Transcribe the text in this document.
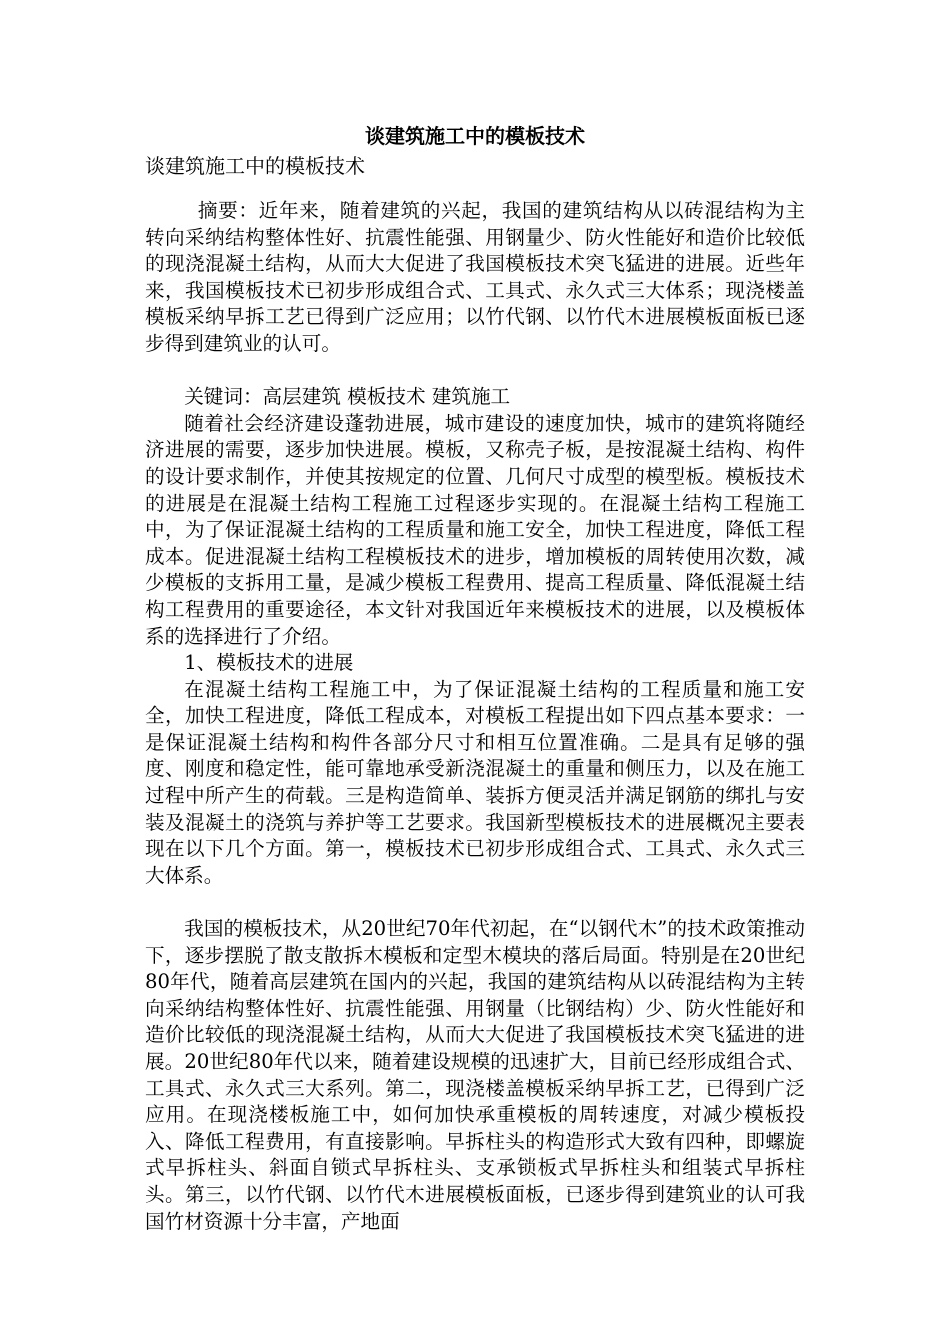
谈建筑施工中的模板技术
谈建筑施工中的模板技术

摘要：近年来，随着建筑的兴起，我国的建筑结构从以砖混结构为主转向采纳结构整体性好、抗震性能强、用钢量少、防火性能好和造价比较低的现浇混凝土结构，从而大大促进了我国模板技术突飞猛进的进展。近些年来，我国模板技术已初步形成组合式、工具式、永久式三大体系；现浇楼盖模板采纳早拆工艺已得到广泛应用；以竹代钢、以竹代木进展模板面板已逐步得到建筑业的认可。

关键词：高层建筑 模板技术 建筑施工

随着社会经济建设蓬勃进展，城市建设的速度加快，城市的建筑将随经济进展的需要，逐步加快进展。模板，又称壳子板，是按混凝土结构、构件的设计要求制作，并使其按规定的位置、几何尺寸成型的模型板。模板技术的进展是在混凝土结构工程施工过程逐步实现的。在混凝土结构工程施工中，为了保证混凝土结构的工程质量和施工安全，加快工程进度，降低工程成本。促进混凝土结构工程模板技术的进步，增加模板的周转使用次数，减少模板的支拆用工量，是减少模板工程费用、提高工程质量、降低混凝土结构工程费用的重要途径，本文针对我国近年来模板技术的进展，以及模板体系的选择进行了介绍。

1、模板技术的进展

在混凝土结构工程施工中，为了保证混凝土结构的工程质量和施工安全，加快工程进度，降低工程成本，对模板工程提出如下四点基本要求：一是保证混凝土结构和构件各部分尺寸和相互位置准确。二是具有足够的强度、刚度和稳定性，能可靠地承受新浇混凝土的重量和侧压力，以及在施工过程中所产生的荷载。三是构造简单、装拆方便灵活并满足钢筋的绑扎与安装及混凝土的浇筑与养护等工艺要求。我国新型模板技术的进展概况主要表现在以下几个方面。第一，模板技术已初步形成组合式、工具式、永久式三大体系。

我国的模板技术，从20世纪70年代初起，在“以钢代木”的技术政策推动下，逐步摆脱了散支散拆木模板和定型木模块的落后局面。特别是在20世纪80年代，随着高层建筑在国内的兴起，我国的建筑结构从以砖混结构为主转向采纳结构整体性好、抗震性能强、用钢量（比钢结构）少、防火性能好和造价比较低的现浇混凝土结构，从而大大促进了我国模板技术突飞猛进的进展。20世纪80年代以来，随着建设规模的迅速扩大，目前已经形成组合式、工具式、永久式三大系列。第二，现浇楼盖模板采纳早拆工艺，已得到广泛应用。在现浇楼板施工中，如何加快承重模板的周转速度，对减少模板投入、降低工程费用，有直接影响。早拆柱头的构造形式大致有四种，即螺旋式早拆柱头、斜面自锁式早拆柱头、支承锁板式早拆柱头和组装式早拆柱头。第三，以竹代钢、以竹代木进展模板面板，已逐步得到建筑业的认可我国竹材资源十分丰富，产地面
